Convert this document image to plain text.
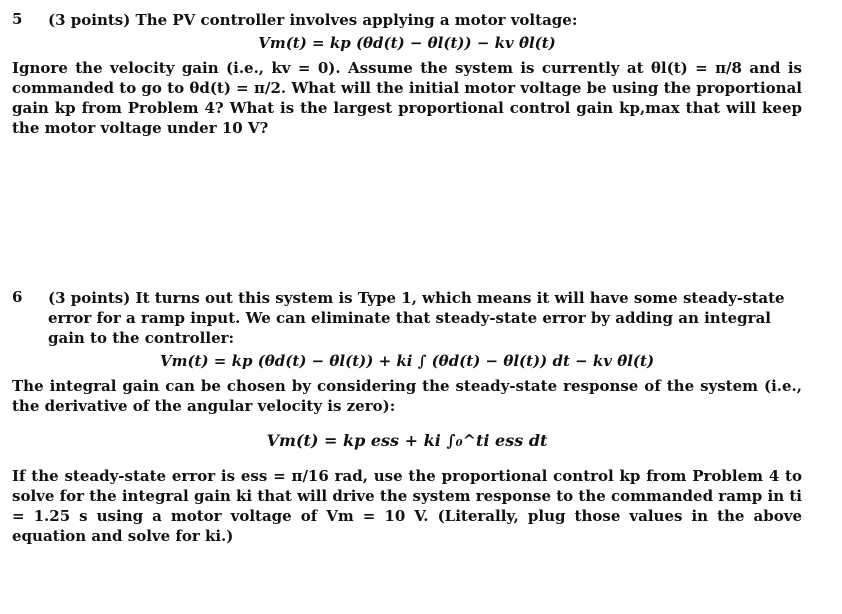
5	(3 points) The PV controller involves applying a motor voltage:
Vm(t) = kp (θd(t) − θl(t)) − kv θ̇l(t)
Ignore the velocity gain (i.e., kv = 0). Assume the system is currently at θl(t) = π/8 and is commanded to go to θd(t) = π/2. What will the initial motor voltage be using the proportional gain kp from Problem 4? What is the largest proportional control gain kp,max that will keep the motor voltage under 10 V?
6	(3 points) It turns out this system is Type 1, which means it will have some steady-state error for a ramp input. We can eliminate that steady-state error by adding an integral gain to the controller:
Vm(t) = kp (θd(t) − θl(t)) + ki ∫ (θd(t) − θl(t)) dt − kv θ̇l(t)
The integral gain can be chosen by considering the steady-state response of the system (i.e., the derivative of the angular velocity is zero):
Vm(t) = kp ess + ki ∫₀^ti ess dt
If the steady-state error is ess = π/16 rad, use the proportional control kp from Problem 4 to solve for the integral gain ki that will drive the system response to the commanded ramp in ti = 1.25 s using a motor voltage of Vm = 10 V. (Literally, plug those values in the above equation and solve for ki.)
